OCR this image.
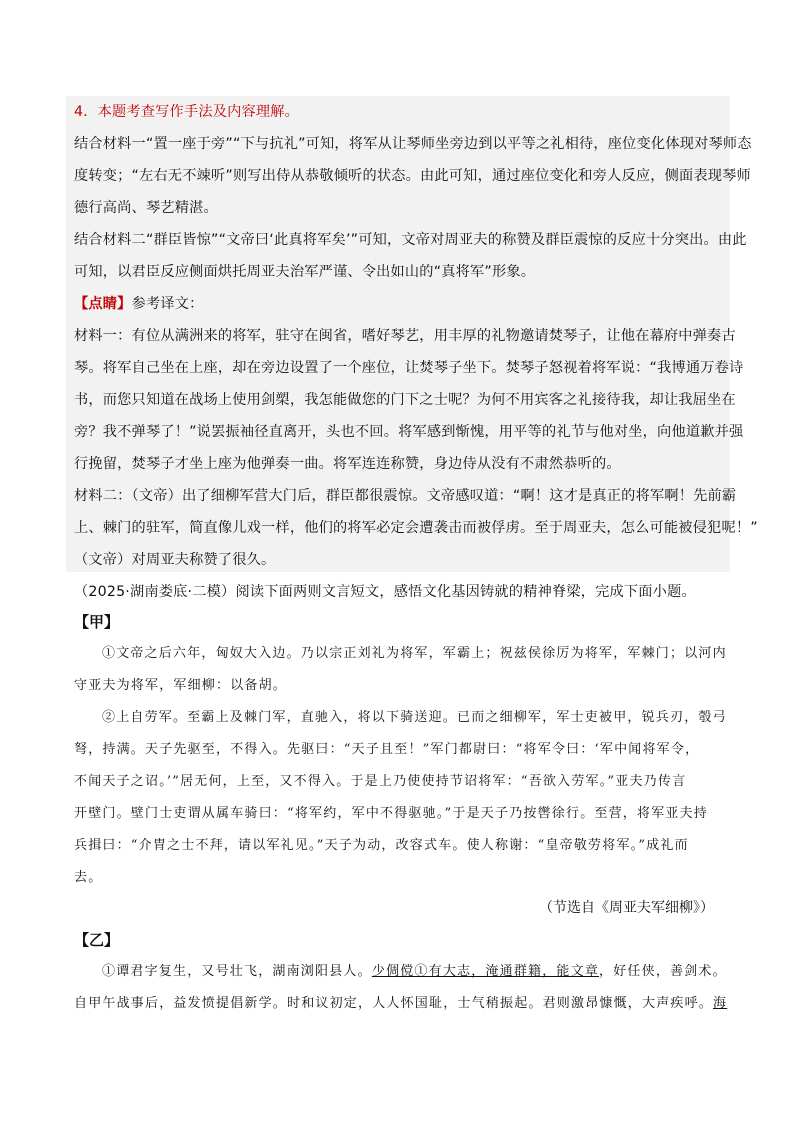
4．本题考查写作手法及内容理解。
结合材料一“置一座于旁”“下与抗礼”可知，将军从让琴师坐旁边到以平等之礼相待，座位变化体现对琴师态
度转变；“左右无不竦听”则写出侍从恭敬倾听的状态。由此可知，通过座位变化和旁人反应，侧面表现琴师
德行高尚、琴艺精湛。
结合材料二“群臣皆惊”“文帝曰‘此真将军矣’”可知，文帝对周亚夫的称赞及群臣震惊的反应十分突出。由此
可知，以君臣反应侧面烘托周亚夫治军严谨、令出如山的“真将军”形象。
【点睛】参考译文：
材料一：有位从满洲来的将军，驻守在闽省，嗜好琴艺，用丰厚的礼物邀请焚琴子，让他在幕府中弹奏古
琴。将军自己坐在上座，却在旁边设置了一个座位，让焚琴子坐下。焚琴子怒视着将军说：“我博通万卷诗
书，而您只知道在战场上使用剑槊，我怎能做您的门下之士呢？为何不用宾客之礼接待我，却让我屈坐在
旁？我不弹琴了！”说罢振袖径直离开，头也不回。将军感到惭愧，用平等的礼节与他对坐，向他道歉并强
行挽留，焚琴子才坐上座为他弹奏一曲。将军连连称赞，身边侍从没有不肃然恭听的。
材料二：（文帝）出了细柳军营大门后，群臣都很震惊。文帝感叹道：“啊！这才是真正的将军啊！先前霸
上、棘门的驻军，简直像儿戏一样，他们的将军必定会遭袭击而被俘虏。至于周亚夫，怎么可能被侵犯呢！”
（文帝）对周亚夫称赞了很久。
（2025·湖南娄底·二模）阅读下面两则文言短文，感悟文化基因铸就的精神脊梁，完成下面小题。
【甲】
①文帝之后六年，匈奴大入边。乃以宗正刘礼为将军，军霸上；祝兹侯徐厉为将军，军棘门；以河内
守亚夫为将军，军细柳：以备胡。
②上自劳军。至霸上及棘门军，直驰入，将以下骑送迎。已而之细柳军，军士吏被甲，锐兵刃，彀弓
弩，持满。天子先驱至，不得入。先驱曰：“天子且至！”军门都尉曰：“将军令曰：‘军中闻将军令，
不闻天子之诏。’”居无何，上至，又不得入。于是上乃使使持节诏将军：“吾欲入劳军。”亚夫乃传言
开壁门。壁门士吏谓从属车骑曰：“将军约，军中不得驱驰。”于是天子乃按辔徐行。至营，将军亚夫持
兵揖曰：“介胄之士不拜，请以军礼见。”天子为动，改容式车。使人称谢：“皇帝敬劳将军。”成礼而
去。
（节选自《周亚夫军细柳》）
【乙】
①谭君字复生，又号壮飞，湖南浏阳县人。少倜傥①有大志，淹通群籍，能文章，好任侠，善剑术。
自甲午战事后，益发愤提倡新学。时和议初定，人人怀国耻，士气稍振起。君则激昂慷慨，大声疾呼。海
